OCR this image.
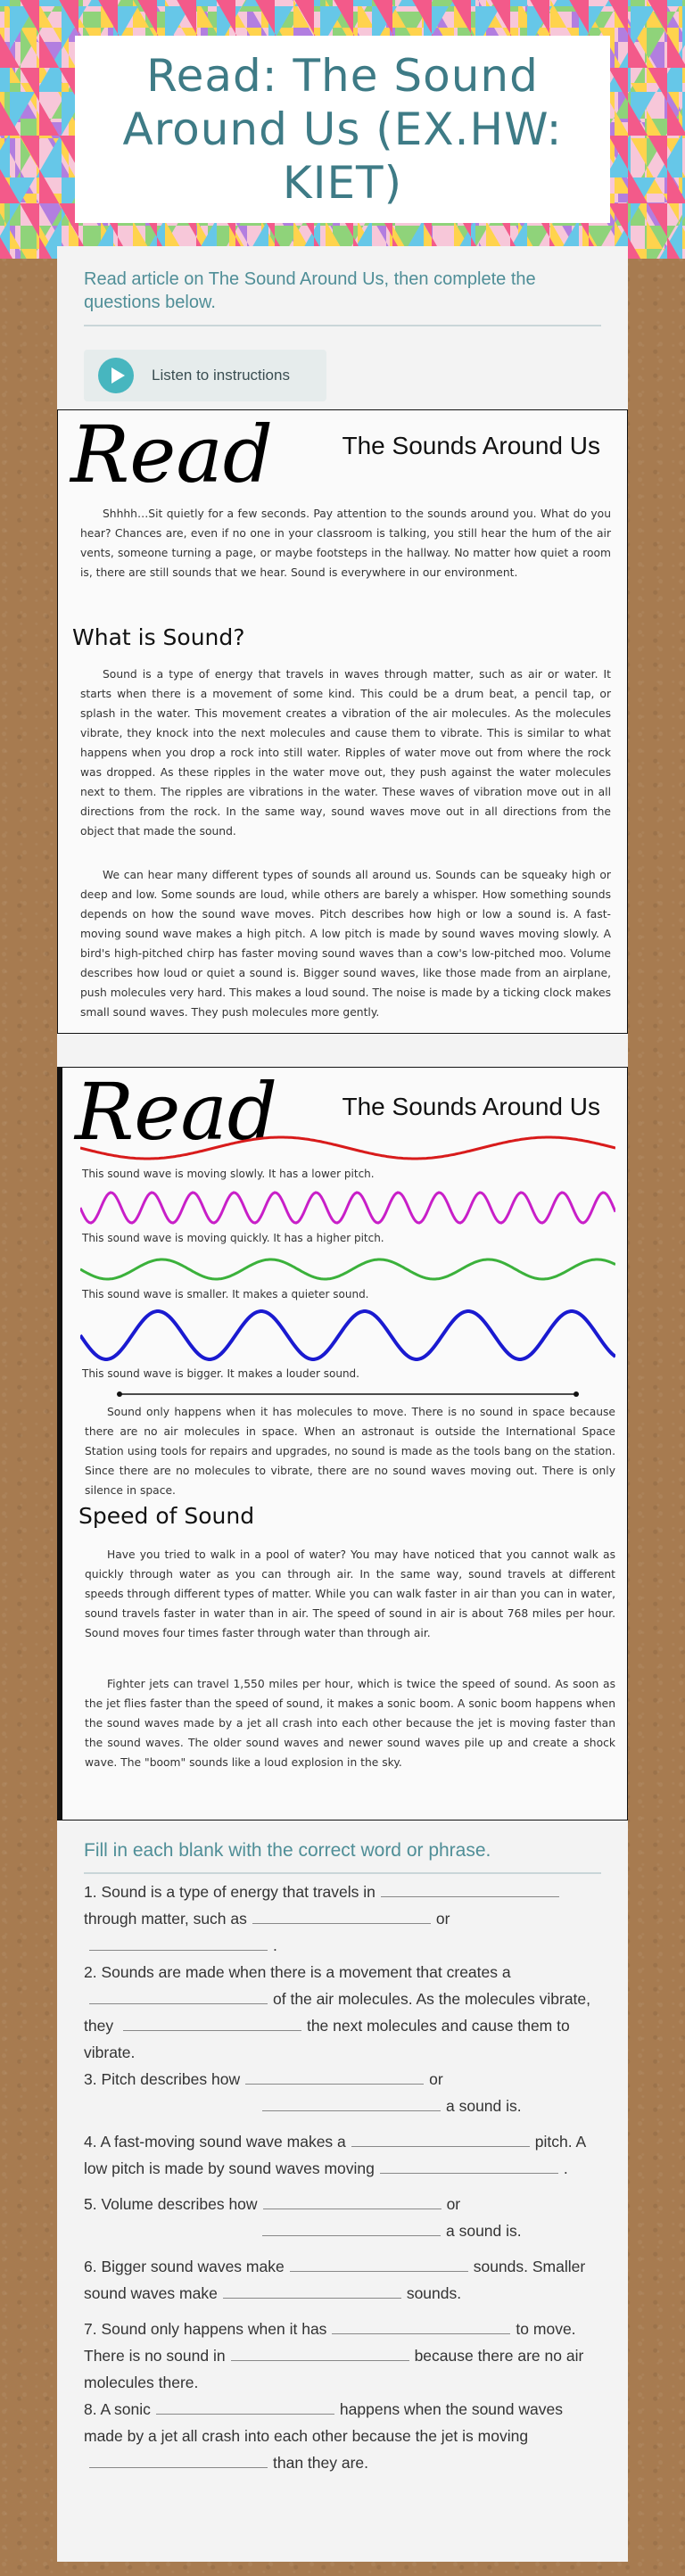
Read: The Sound Around Us (EX.HW: KIET)
Read article on The Sound Around Us, then complete the questions below.
Listen to instructions
Read	The Sounds Around Us
Shhhh…Sit quietly for a few seconds. Pay attention to the sounds around you. What do you hear? Chances are, even if no one in your classroom is talking, you still hear the hum of the air vents, someone turning a page, or maybe footsteps in the hallway. No matter how quiet a room is, there are still sounds that we hear. Sound is everywhere in our environment.
What is Sound?
Sound is a type of energy that travels in waves through matter, such as air or water. It starts when there is a movement of some kind. This could be a drum beat, a pencil tap, or splash in the water. This movement creates a vibration of the air molecules. As the molecules vibrate, they knock into the next molecules and cause them to vibrate. This is similar to what happens when you drop a rock into still water. Ripples of water move out from where the rock was dropped. As these ripples in the water move out, they push against the water molecules next to them. The ripples are vibrations in the water. These waves of vibration move out in all directions from the rock. In the same way, sound waves move out in all directions from the object that made the sound.
We can hear many different types of sounds all around us. Sounds can be squeaky high or deep and low. Some sounds are loud, while others are barely a whisper. How something sounds depends on how the sound wave moves. Pitch describes how high or low a sound is. A fast-moving sound wave makes a high pitch. A low pitch is made by sound waves moving slowly. A bird's high-pitched chirp has faster moving sound waves than a cow's low-pitched moo. Volume describes how loud or quiet a sound is. Bigger sound waves, like those made from an airplane, push molecules very hard. This makes a loud sound. The noise is made by a ticking clock makes small sound waves. They push molecules more gently.
Read	The Sounds Around Us
This sound wave is moving slowly. It has a lower pitch.
This sound wave is moving quickly. It has a higher pitch.
This sound wave is smaller. It makes a quieter sound.
This sound wave is bigger. It makes a louder sound.
Sound only happens when it has molecules to move. There is no sound in space because there are no air molecules in space. When an astronaut is outside the International Space Station using tools for repairs and upgrades, no sound is made as the tools bang on the station. Since there are no molecules to vibrate, there are no sound waves moving out. There is only silence in space.
Speed of Sound
Have you tried to walk in a pool of water? You may have noticed that you cannot walk as quickly through water as you can through air. In the same way, sound travels at different speeds through different types of matter. While you can walk faster in air than you can in water, sound travels faster in water than in air. The speed of sound in air is about 768 miles per hour. Sound moves four times faster through water than through air.
Fighter jets can travel 1,550 miles per hour, which is twice the speed of sound. As soon as the jet flies faster than the speed of sound, it makes a sonic boom. A sonic boom happens when the sound waves made by a jet all crash into each other because the jet is moving faster than the sound waves. The older sound waves and newer sound waves pile up and create a shock wave. The "boom" sounds like a loud explosion in the sky.
Fill in each blank with the correct word or phrase.
1. Sound is a type of energy that travels in through matter, such as	or .
2. Sounds are made when there is a movement that creates a of the air molecules. As the molecules vibrate, they	the next molecules and cause them to vibrate.
3. Pitch describes how	or a sound is.
4. A fast-moving sound wave makes a	pitch. A low pitch is made by sound waves moving	.
5. Volume describes how	or a sound is.
6. Bigger sound waves make	sounds. Smaller sound waves make	sounds.
7. Sound only happens when it has	to move. There is no sound in	because there are no air molecules there.
8. A sonic	happens when the sound waves made by a jet all crash into each other because the jet is moving than they are.
